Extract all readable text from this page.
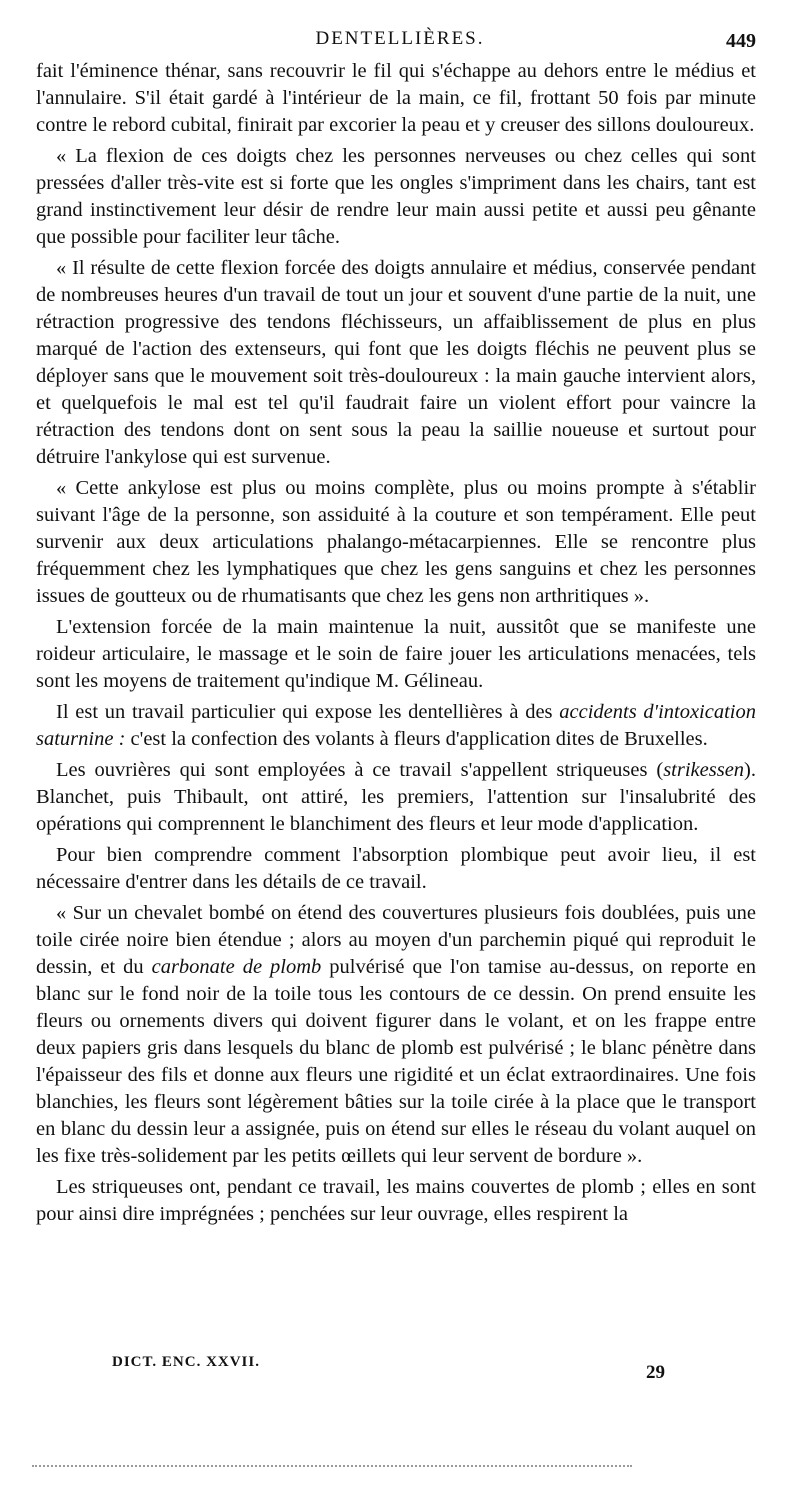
DENTELLIÈRES.	449

fait l'éminence thénar, sans recouvrir le fil qui s'échappe au dehors entre le médius et l'annulaire. S'il était gardé à l'intérieur de la main, ce fil, frottant 50 fois par minute contre le rebord cubital, finirait par excorier la peau et y creuser des sillons douloureux.

« La flexion de ces doigts chez les personnes nerveuses ou chez celles qui sont pressées d'aller très-vite est si forte que les ongles s'impriment dans les chairs, tant est grand instinctivement leur désir de rendre leur main aussi petite et aussi peu gênante que possible pour faciliter leur tâche.

« Il résulte de cette flexion forcée des doigts annulaire et médius, conservée pendant de nombreuses heures d'un travail de tout un jour et souvent d'une partie de la nuit, une rétraction progressive des tendons fléchisseurs, un affaiblissement de plus en plus marqué de l'action des extenseurs, qui font que les doigts fléchis ne peuvent plus se déployer sans que le mouvement soit très-douloureux : la main gauche intervient alors, et quelquefois le mal est tel qu'il faudrait faire un violent effort pour vaincre la rétraction des tendons dont on sent sous la peau la saillie noueuse et surtout pour détruire l'ankylose qui est survenue.

« Cette ankylose est plus ou moins complète, plus ou moins prompte à s'établir suivant l'âge de la personne, son assiduité à la couture et son tempérament. Elle peut survenir aux deux articulations phalango-métacarpiennes. Elle se rencontre plus fréquemment chez les lymphatiques que chez les gens sanguins et chez les personnes issues de goutteux ou de rhumatisants que chez les gens non arthritiques ».

L'extension forcée de la main maintenue la nuit, aussitôt que se manifeste une roideur articulaire, le massage et le soin de faire jouer les articulations menacées, tels sont les moyens de traitement qu'indique M. Gélineau.

Il est un travail particulier qui expose les dentellières à des accidents d'intoxication saturnine : c'est la confection des volants à fleurs d'application dites de Bruxelles.

Les ouvrières qui sont employées à ce travail s'appellent striqueuses (strikessen). Blanchet, puis Thibault, ont attiré, les premiers, l'attention sur l'insalubrité des opérations qui comprennent le blanchiment des fleurs et leur mode d'application.

Pour bien comprendre comment l'absorption plombique peut avoir lieu, il est nécessaire d'entrer dans les détails de ce travail.

« Sur un chevalet bombé on étend des couvertures plusieurs fois doublées, puis une toile cirée noire bien étendue ; alors au moyen d'un parchemin piqué qui reproduit le dessin, et du carbonate de plomb pulvérisé que l'on tamise au-dessus, on reporte en blanc sur le fond noir de la toile tous les contours de ce dessin. On prend ensuite les fleurs ou ornements divers qui doivent figurer dans le volant, et on les frappe entre deux papiers gris dans lesquels du blanc de plomb est pulvérisé ; le blanc pénètre dans l'épaisseur des fils et donne aux fleurs une rigidité et un éclat extraordinaires. Une fois blanchies, les fleurs sont légèrement bâties sur la toile cirée à la place que le transport en blanc du dessin leur a assignée, puis on étend sur elles le réseau du volant auquel on les fixe très-solidement par les petits œillets qui leur servent de bordure ».

Les striqueuses ont, pendant ce travail, les mains couvertes de plomb ; elles en sont pour ainsi dire imprégnées ; penchées sur leur ouvrage, elles respirent la

DICT. ENC. XXVII.	29
